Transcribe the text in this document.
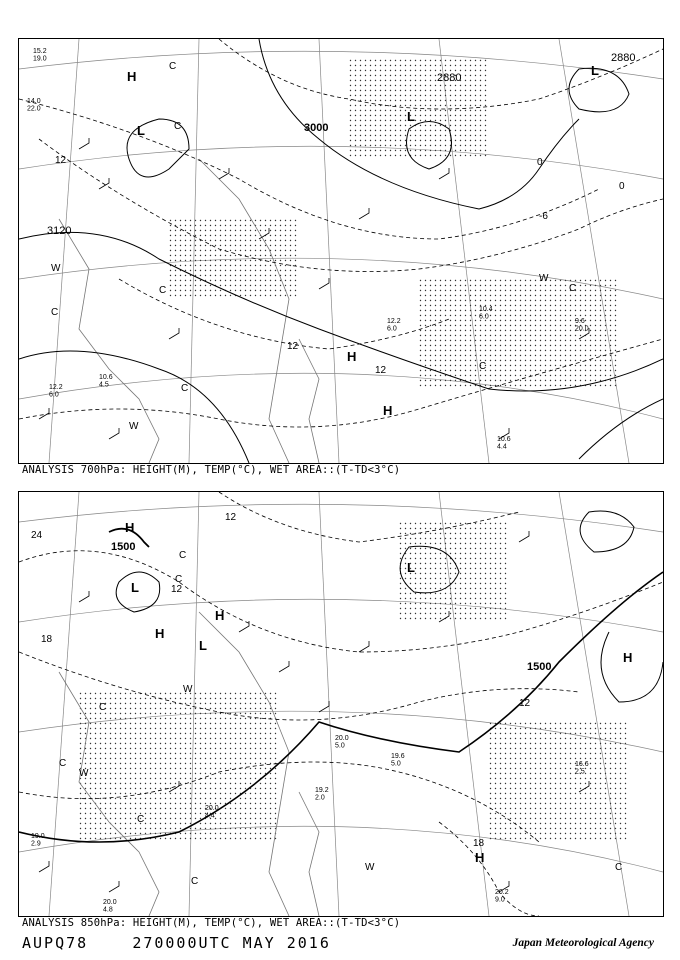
3000
3120
2880
2880
0
12
12
12
-6
0
H
L
L
H
H
L
C
C
W
W
C
C
C
C
W
C
10.4 6.0
9.6 20.0
12.2 6.0
10.6 4.4
10.6 4.5
12.2 6.0
15.2 19.0
14.0 22.0
ANALYSIS 700hPa: HEIGHT(M), TEMP(°C), WET AREA::(T-TD<3°C)
1500
1500
12
12
24
18
12
18
H
L
L
H
H
L
H
H
C
C
C
W
C
C
W
C
W
C
20.2 9.0
16.6 2.5
19.6 5.0
20.0 5.0
19.2 2.0
20.0 4.4
19.0 2.9
20.0 4.8
ANALYSIS 850hPa: HEIGHT(M), TEMP(°C), WET AREA::(T-TD<3°C)
AUPQ78	270000UTC MAY 2016	Japan Meteorological Agency
